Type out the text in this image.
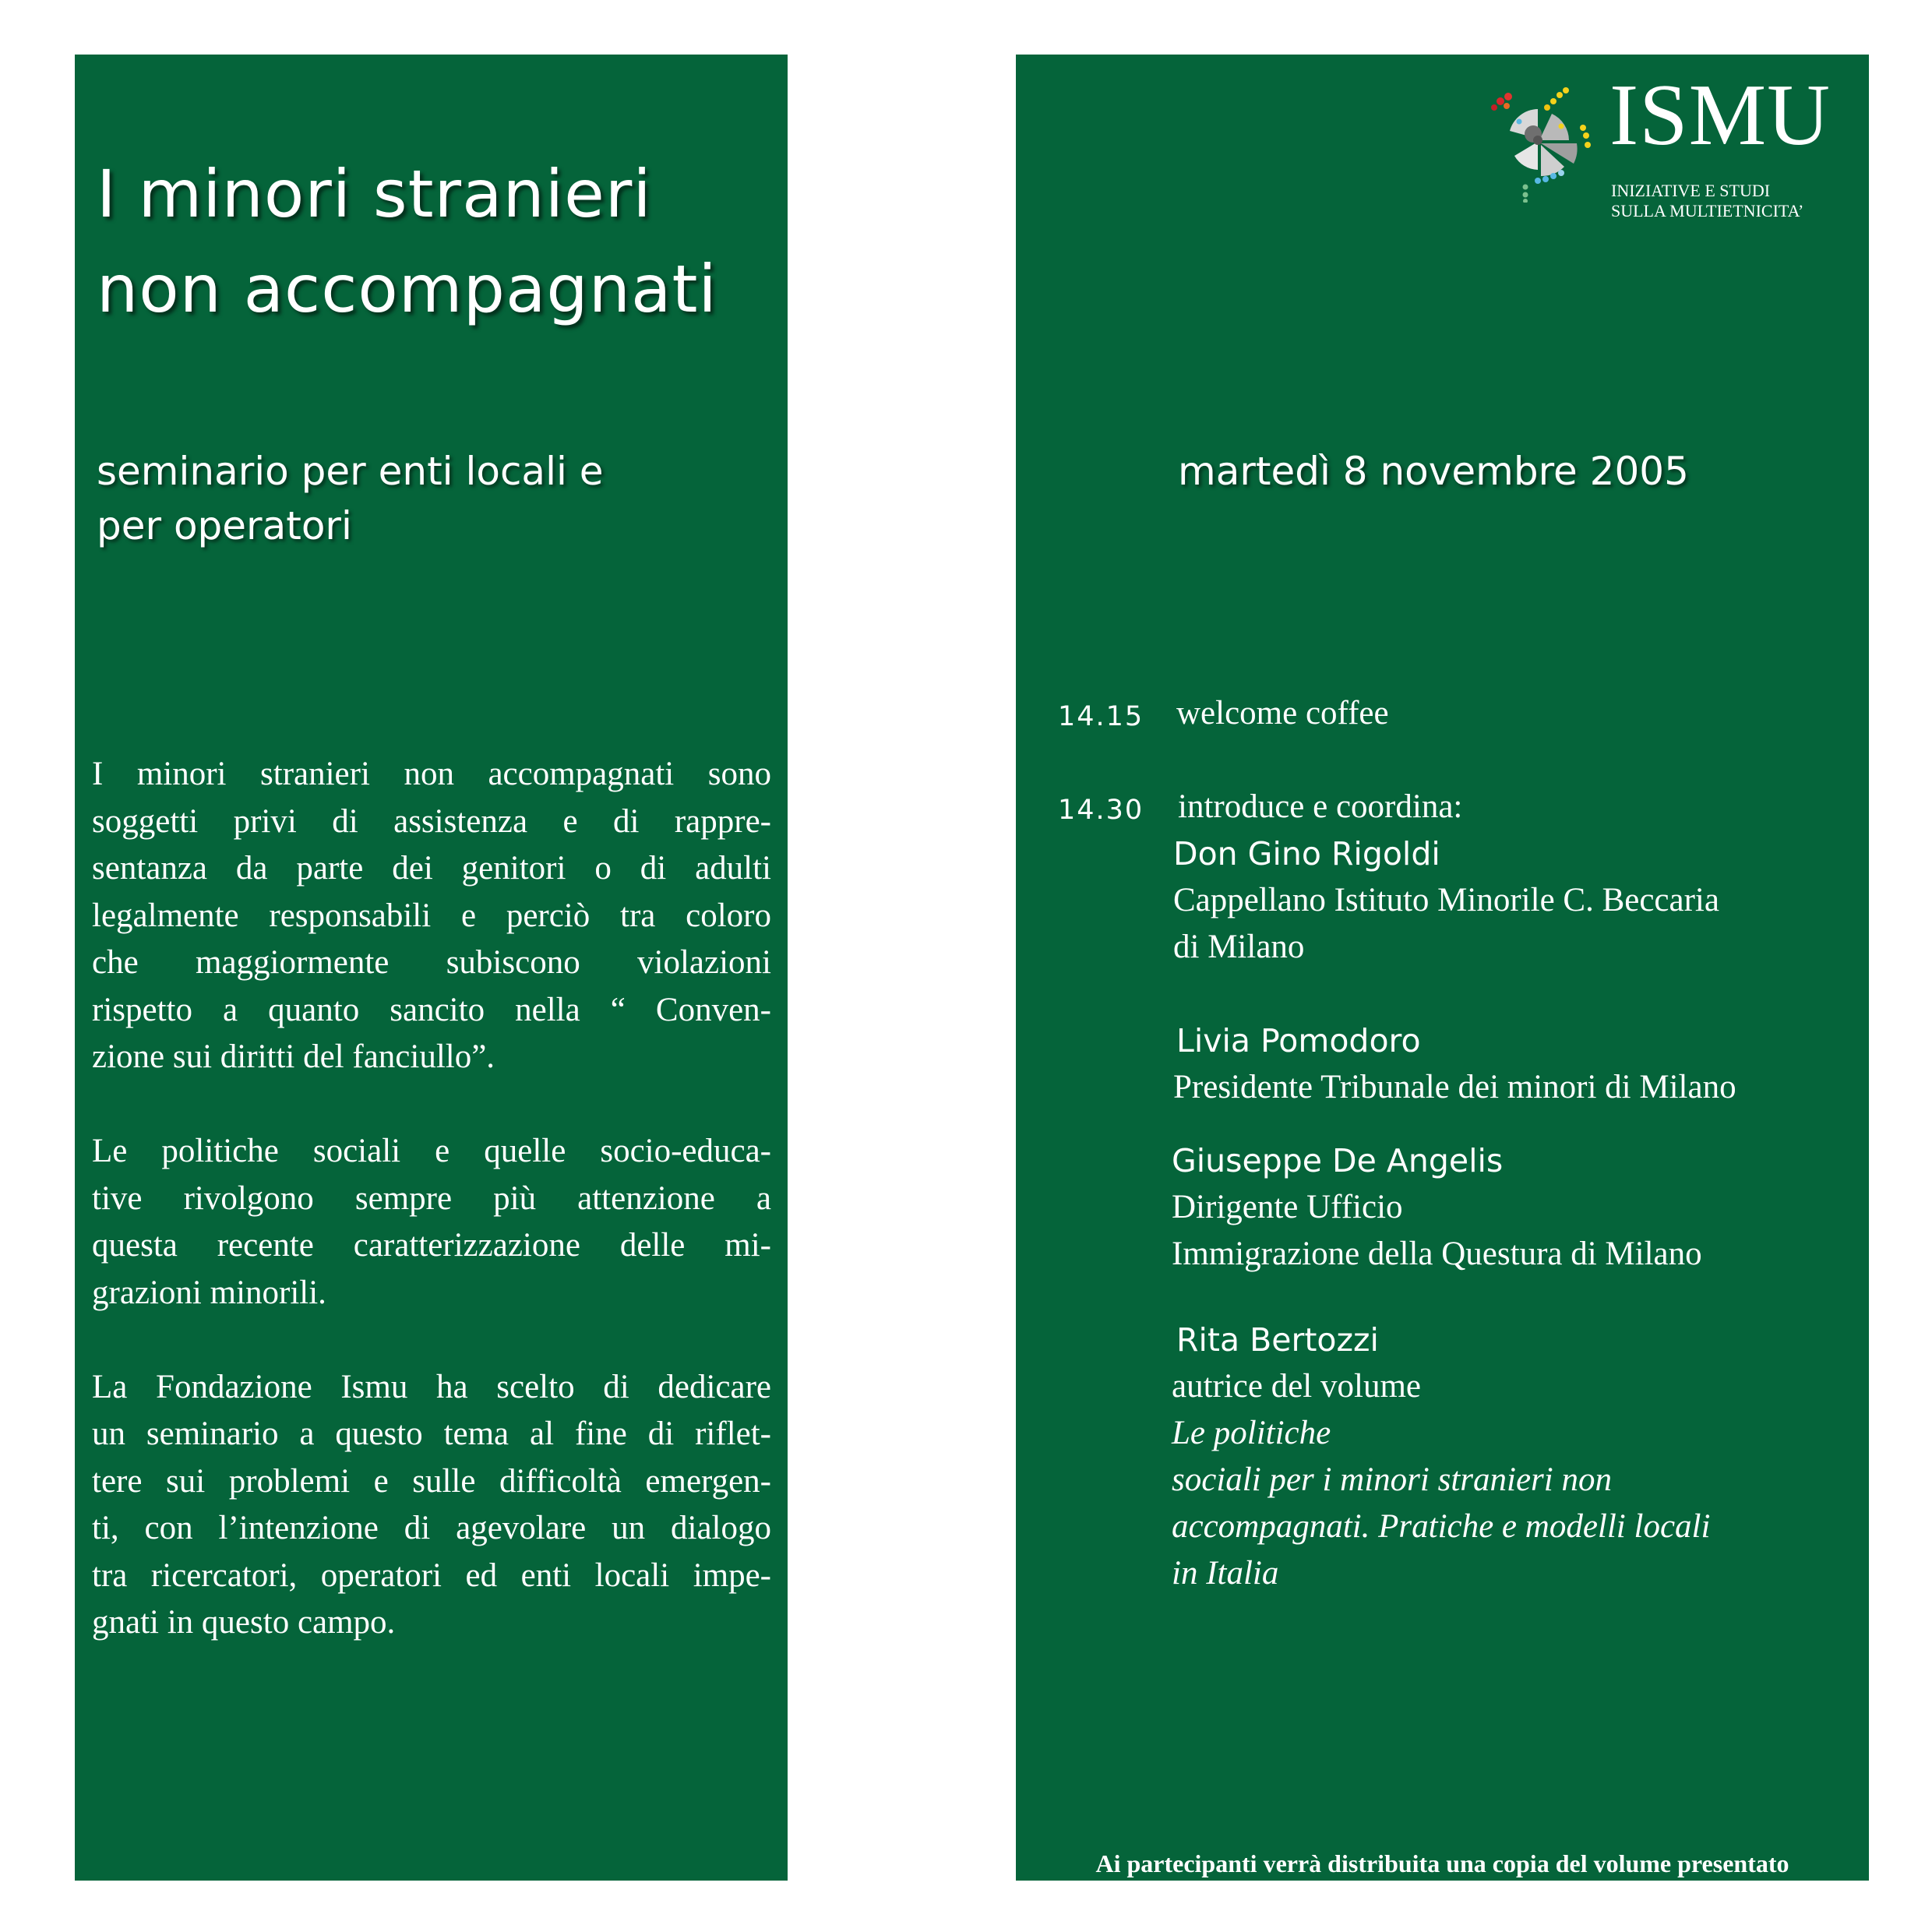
I minori stranieri
non accompagnati
seminario per enti locali e
per operatori
I minori stranieri non accompagnati sono
soggetti privi di assistenza e di rappre-
sentanza da parte dei genitori o di adulti
legalmente responsabili e perciò tra coloro
che maggiormente subiscono violazioni
rispetto a quanto sancito nella “ Conven-
zione sui diritti del fanciullo”.
Le politiche sociali e quelle socio-educa-
tive rivolgono sempre più attenzione a
questa recente caratterizzazione delle mi-
grazioni minorili.
La Fondazione Ismu ha scelto di dedicare
un seminario a questo tema al fine di riflet-
tere sui problemi e sulle difficoltà emergen-
ti, con l’intenzione di agevolare un dialogo
tra ricercatori, operatori ed enti locali impe-
gnati in questo campo.
ISMU
INIZIATIVE E STUDI
SULLA MULTIETNICITA’
martedì 8 novembre 2005
14.15 welcome coffee
14.30 introduce e coordina:
Don Gino Rigoldi
Cappellano Istituto Minorile C. Beccaria
di Milano
Livia Pomodoro
Presidente Tribunale dei minori di Milano
Giuseppe De Angelis
Dirigente Ufficio
Immigrazione della Questura di Milano
Rita Bertozzi
autrice del volume
Le politiche
sociali per i minori stranieri non
accompagnati. Pratiche e modelli locali
in Italia
Ai partecipanti verrà distribuita una copia del volume presentato
